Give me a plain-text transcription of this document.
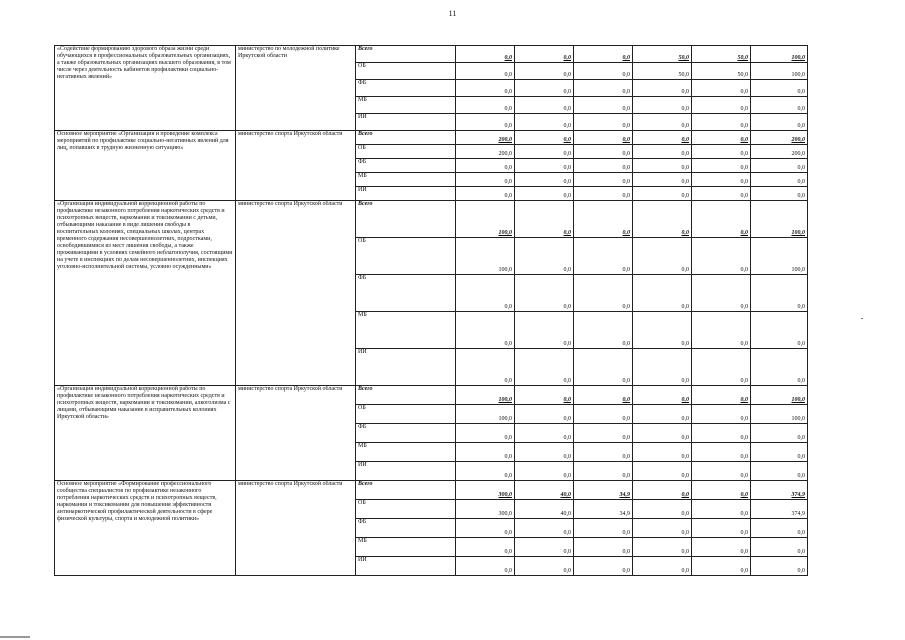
11
«Содействие формированию здорового образа жизни среди обучающихся в профессиональных образовательных организациях, а также образовательных организациях высшего образования, в том числе через деятельность кабинетов профилактики социально-негативных явлений»	министерство по молодежной политике Иркутской области	Всего	0,0	0,0	0,0	50,0	50,0	100,0
		ОБ	0,0	0,0	0,0	50,0	50,0	100,0
		ФБ	0,0	0,0	0,0	0,0	0,0	0,0
		МБ	0,0	0,0	0,0	0,0	0,0	0,0
		ИИ	0,0	0,0	0,0	0,0	0,0	0,0
Основное мероприятие «Организация и проведение комплекса мероприятий по профилактике социально-негативных явлений для лиц, попавших в трудную жизненную ситуацию»	министерство спорта Иркутской области	Всего	200,0	0,0	0,0	0,0	0,0	200,0
		ОБ	200,0	0,0	0,0	0,0	0,0	200,0
		ФБ	0,0	0,0	0,0	0,0	0,0	0,0
		МБ	0,0	0,0	0,0	0,0	0,0	0,0
		ИИ	0,0	0,0	0,0	0,0	0,0	0,0
«Организация индивидуальной коррекционной работы по профилактике незаконного потребления наркотических средств и психотропных веществ, наркомании и токсикомании с детьми, отбывающими наказание в виде лишения свободы в воспитательных колониях, специальных школах, центрах временного содержания несовершеннолетних, подростками, освободившимися из мест лишения свободы, а также проживающими в условиях семейного неблагополучия, состоящими на учете в инспекциях по делам несовершеннолетних, инспекциях уголовно-исполнительной системы, условно осужденными»	министерство спорта Иркутской области	Всего	100,0	0,0	0,0	0,0	0,0	100,0
		ОБ	100,0	0,0	0,0	0,0	0,0	100,0
		ФБ	0,0	0,0	0,0	0,0	0,0	0,0
		МБ	0,0	0,0	0,0	0,0	0,0	0,0
		ИИ	0,0	0,0	0,0	0,0	0,0	0,0
«Организация индивидуальной коррекционной работы по профилактике незаконного потребления наркотических средств и психотропных веществ, наркомании и токсикомании, алкоголизма с лицами, отбывающими наказание в исправительных колониях Иркутской области»	министерство спорта Иркутской области	Всего	100,0	0,0	0,0	0,0	0,0	100,0
		ОБ	100,0	0,0	0,0	0,0	0,0	100,0
		ФБ	0,0	0,0	0,0	0,0	0,0	0,0
		МБ	0,0	0,0	0,0	0,0	0,0	0,0
		ИИ	0,0	0,0	0,0	0,0	0,0	0,0
Основное мероприятие «Формирование профессионального сообщества специалистов по профилактике незаконного потребления наркотических средств и психотропных веществ, наркомании и токсикомании для повышения эффективности антинаркотической профилактической деятельности в сфере физической культуры, спорта и молодежной политики»	министерство спорта Иркутской области	Всего	300,0	40,0	34,9	0,0	0,0	374,9
		ОБ	300,0	40,0	34,9	0,0	0,0	374,9
		ФБ	0,0	0,0	0,0	0,0	0,0	0,0
		МБ	0,0	0,0	0,0	0,0	0,0	0,0
		ИИ	0,0	0,0	0,0	0,0	0,0	0,0
